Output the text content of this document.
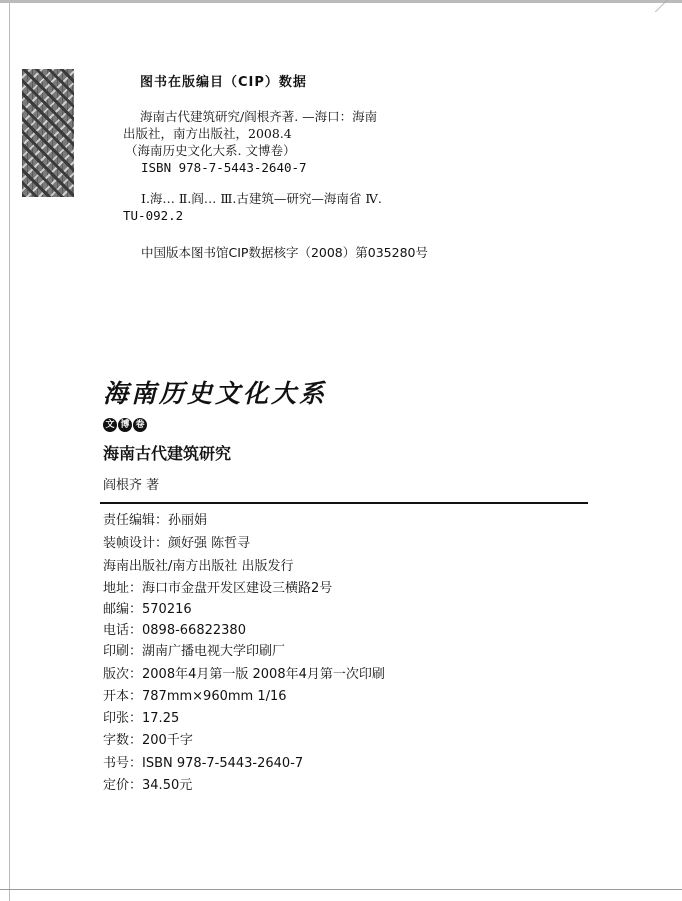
图书在版编目（CIP）数据
海南古代建筑研究/阎根齐著. —海口：海南
出版社，南方出版社，2008.4
（海南历史文化大系. 文博卷）
ISBN 978-7-5443-2640-7
Ⅰ.海… Ⅱ.阎… Ⅲ.古建筑—研究—海南省 Ⅳ.
TU-092.2
中国版本图书馆CIP数据核字（2008）第035280号
海南历史文化大系
文 博 卷
海南古代建筑研究
阎根齐 著
责任编辑：孙丽娟
装帧设计：颜好强 陈哲寻
海南出版社/南方出版社 出版发行
地址：海口市金盘开发区建设三横路2号
邮编：570216
电话：0898-66822380
印刷：湖南广播电视大学印刷厂
版次：2008年4月第一版 2008年4月第一次印刷
开本：787mm×960mm 1/16
印张：17.25
字数：200千字
书号：ISBN 978-7-5443-2640-7
定价：34.50元
